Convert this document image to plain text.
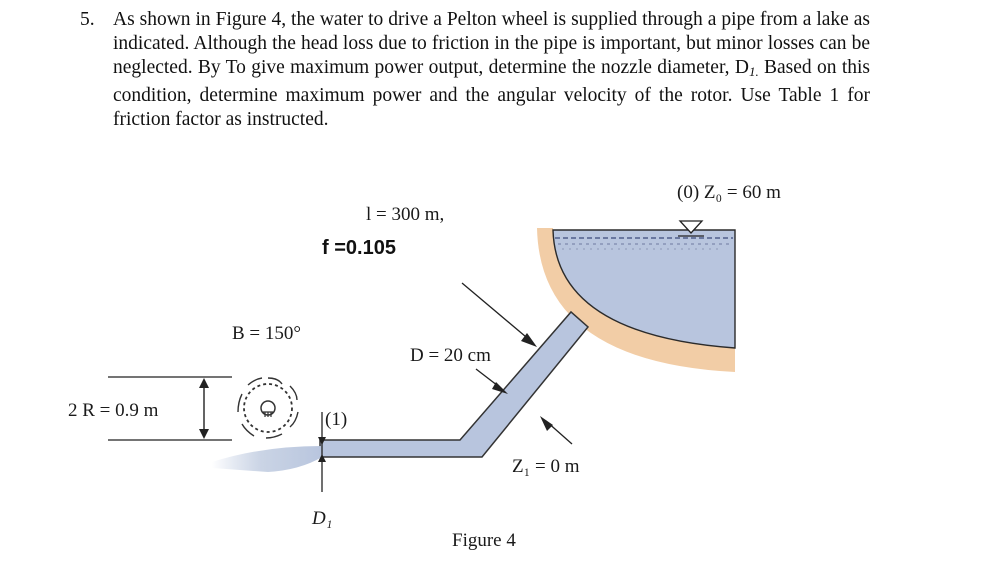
5. As shown in Figure 4, the water to drive a Pelton wheel is supplied through a pipe from a lake as indicated. Although the head loss due to friction in the pipe is important, but minor losses can be neglected. By To give maximum power output, determine the nozzle diameter, $D_{1.}$ Based on this condition, determine maximum power and the angular velocity of the rotor. Use Table 1 for friction factor as instructed.
(0) Z₀ = 60 m
l = 300 m,
f =0.105
B = 150°
D = 20 cm
2 R = 0.9 m	(1)
Z₁ = 0 m
D₁
Figure 4
